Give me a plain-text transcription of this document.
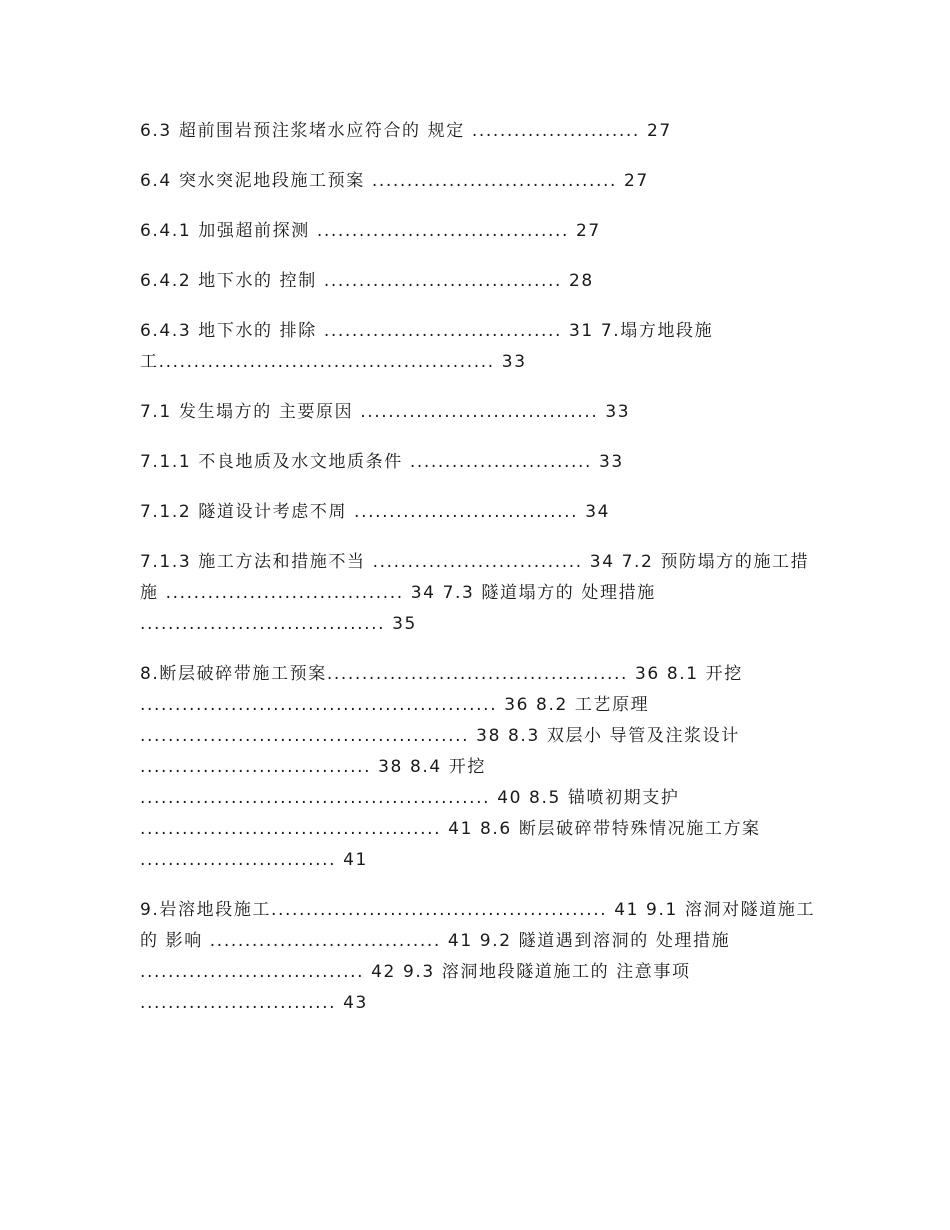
6.3 超前围岩预注浆堵水应符合的 规定 ........................ 27

6.4 突水突泥地段施工预案 ................................... 27

6.4.1 加强超前探测 .................................... 27

6.4.2 地下水的 控制 .................................. 28

6.4.3 地下水的 排除 .................................. 31 7.塌方地段施工................................................ 33

7.1 发生塌方的 主要原因 .................................. 33

7.1.1 不良地质及水文地质条件 .......................... 33

7.1.2 隧道设计考虑不周 ................................ 34

7.1.3 施工方法和措施不当 .............................. 34 7.2 预防塌方的施工措施 .................................. 34 7.3 隧道塌方的 处理措施 ................................... 35

8.断层破碎带施工预案........................................... 36 8.1 开挖 ................................................... 36 8.2 工艺原理 ............................................... 38 8.3 双层小 导管及注浆设计 ................................. 38 8.4 开挖 .................................................. 40 8.5 锚喷初期支护 ........................................... 41 8.6 断层破碎带特殊情况施工方案 ............................ 41

9.岩溶地段施工................................................ 41 9.1 溶洞对隧道施工的 影响 ................................. 41 9.2 隧道遇到溶洞的 处理措施 ................................ 42 9.3 溶洞地段隧道施工的 注意事项 ............................ 43
